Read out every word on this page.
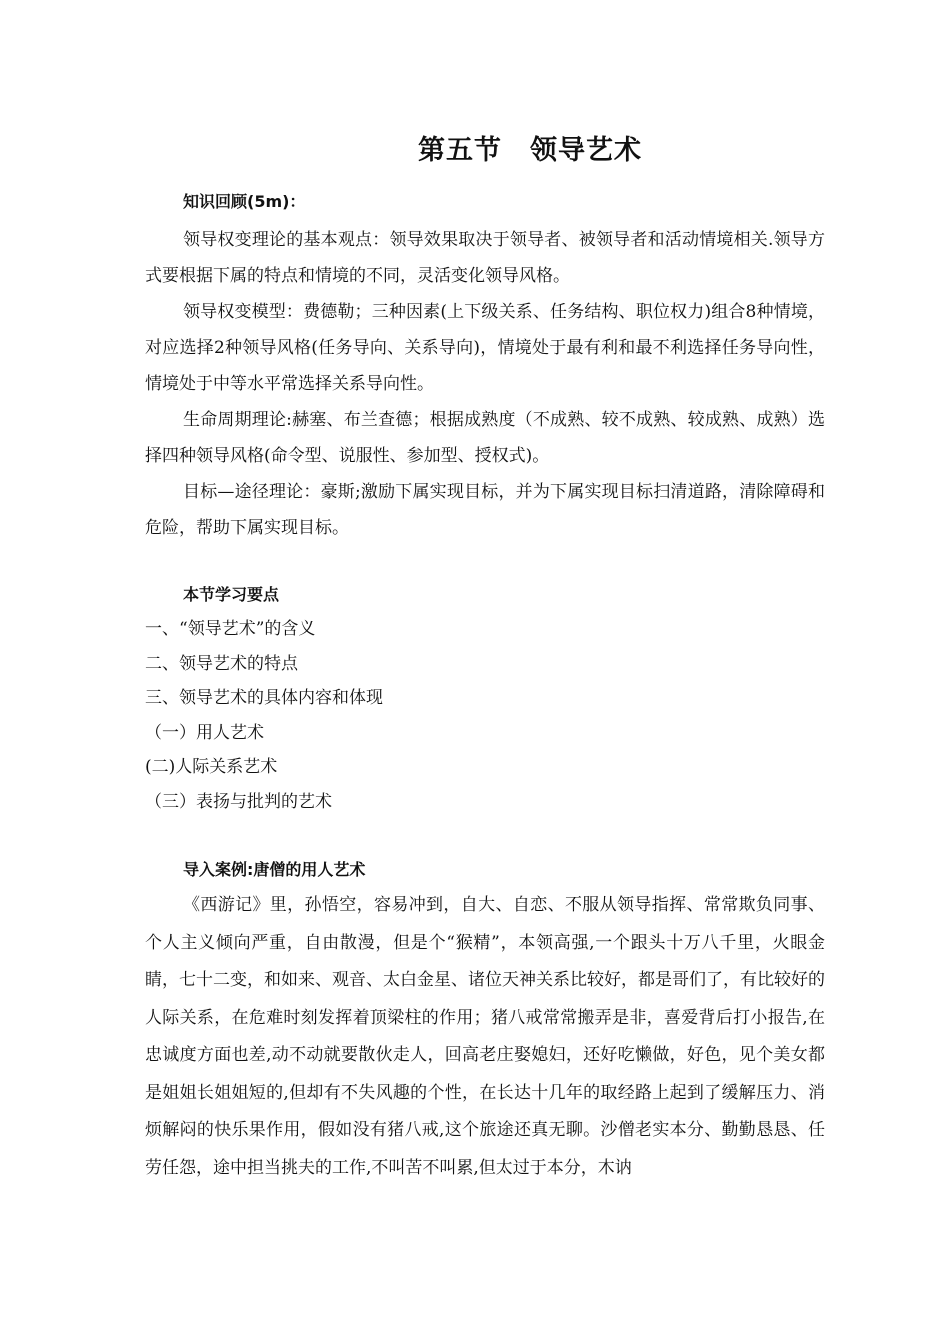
第五节　领导艺术
知识回顾(5m)：
领导权变理论的基本观点：领导效果取决于领导者、被领导者和活动情境相关.领导方式要根据下属的特点和情境的不同，灵活变化领导风格。
领导权变模型：费德勒；三种因素(上下级关系、任务结构、职位权力)组合8种情境，对应选择2种领导风格(任务导向、关系导向)，情境处于最有利和最不利选择任务导向性，情境处于中等水平常选择关系导向性。
生命周期理论:赫塞、布兰查德；根据成熟度（不成熟、较不成熟、较成熟、成熟）选择四种领导风格(命令型、说服性、参加型、授权式)。
目标—途径理论：豪斯;激励下属实现目标，并为下属实现目标扫清道路，清除障碍和危险，帮助下属实现目标。
本节学习要点
一、“领导艺术”的含义
二、领导艺术的特点
三、领导艺术的具体内容和体现
（一）用人艺术
(二)人际关系艺术
（三）表扬与批判的艺术
导入案例:唐僧的用人艺术
《西游记》里，孙悟空，容易冲到，自大、自恋、不服从领导指挥、常常欺负同事、个人主义倾向严重，自由散漫，但是个“猴精”，本领高强,一个跟头十万八千里，火眼金睛，七十二变，和如来、观音、太白金星、诸位天神关系比较好，都是哥们了，有比较好的人际关系，在危难时刻发挥着顶梁柱的作用；猪八戒常常搬弄是非，喜爱背后打小报告,在忠诚度方面也差,动不动就要散伙走人，回高老庄娶媳妇，还好吃懒做，好色，见个美女都是姐姐长姐姐短的,但却有不失风趣的个性，在长达十几年的取经路上起到了缓解压力、消烦解闷的快乐果作用，假如没有猪八戒,这个旅途还真无聊。沙僧老实本分、勤勤恳恳、任劳任怨，途中担当挑夫的工作,不叫苦不叫累,但太过于本分，木讷
